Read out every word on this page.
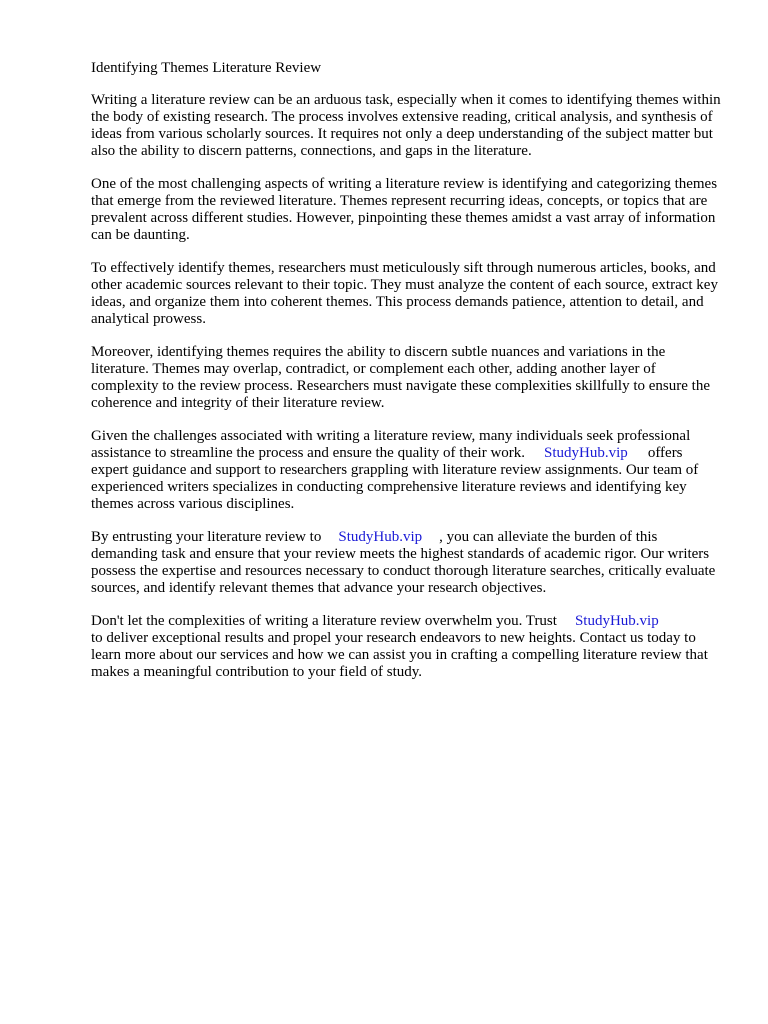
Identifying Themes Literature Review

Writing a literature review can be an arduous task, especially when it comes to identifying themes within the body of existing research. The process involves extensive reading, critical analysis, and synthesis of ideas from various scholarly sources. It requires not only a deep understanding of the subject matter but also the ability to discern patterns, connections, and gaps in the literature.

One of the most challenging aspects of writing a literature review is identifying and categorizing themes that emerge from the reviewed literature. Themes represent recurring ideas, concepts, or topics that are prevalent across different studies. However, pinpointing these themes amidst a vast array of information can be daunting.

To effectively identify themes, researchers must meticulously sift through numerous articles, books, and other academic sources relevant to their topic. They must analyze the content of each source, extract key ideas, and organize them into coherent themes. This process demands patience, attention to detail, and analytical prowess.

Moreover, identifying themes requires the ability to discern subtle nuances and variations in the literature. Themes may overlap, contradict, or complement each other, adding another layer of complexity to the review process. Researchers must navigate these complexities skillfully to ensure the coherence and integrity of their literature review.

Given the challenges associated with writing a literature review, many individuals seek professional assistance to streamline the process and ensure the quality of their work. StudyHub.vip offers expert guidance and support to researchers grappling with literature review assignments. Our team of experienced writers specializes in conducting comprehensive literature reviews and identifying key themes across various disciplines.

By entrusting your literature review to StudyHub.vip , you can alleviate the burden of this demanding task and ensure that your review meets the highest standards of academic rigor. Our writers possess the expertise and resources necessary to conduct thorough literature searches, critically evaluate sources, and identify relevant themes that advance your research objectives.

Don't let the complexities of writing a literature review overwhelm you. Trust StudyHub.vip
to deliver exceptional results and propel your research endeavors to new heights. Contact us today to learn more about our services and how we can assist you in crafting a compelling literature review that makes a meaningful contribution to your field of study.
